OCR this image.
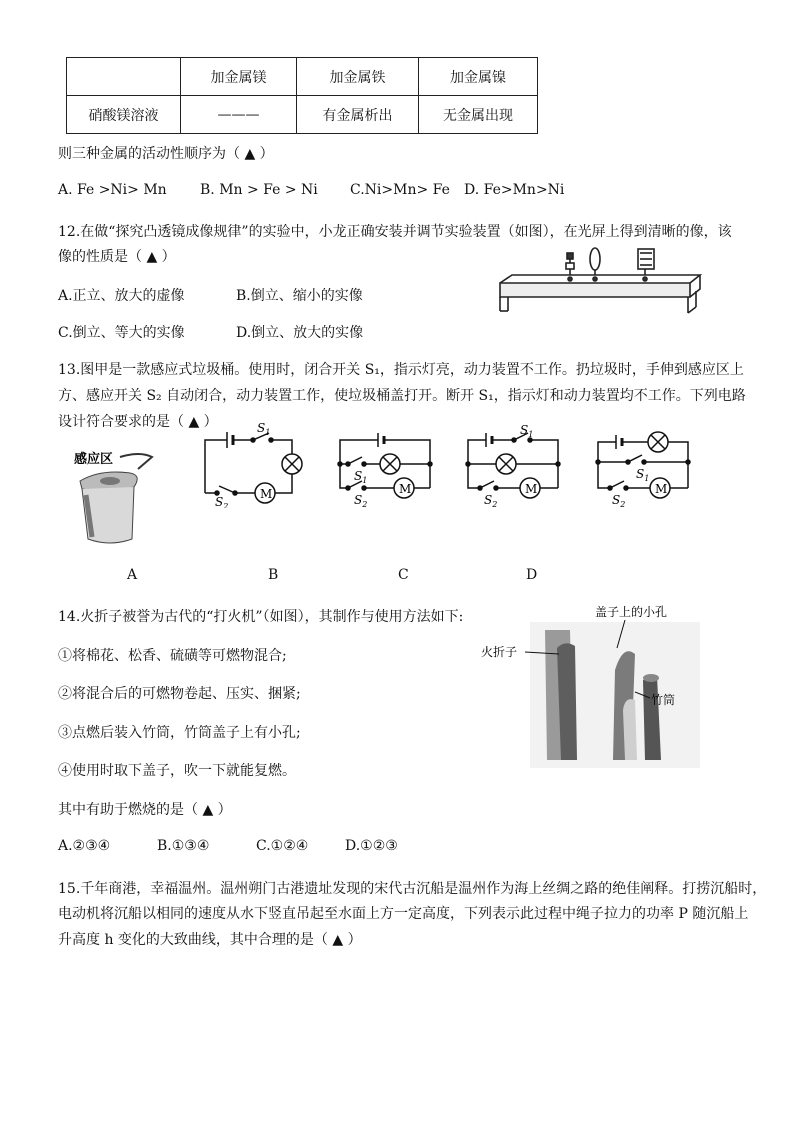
	加金属镁	加金属铁	加金属镍
硝酸镁溶液	———	有金属析出	无金属出现
则三种金属的活动性顺序为（ ▲ ）
A. Fe >Ni> Mn B. Mn > Fe > Ni C.Ni>Mn> Fe D. Fe>Mn>Ni
12.在做“探究凸透镜成像规律”的实验中，小龙正确安装并调节实验装置（如图），在光屏上得到清晰的像，该
像的性质是（ ▲ ）
A.正立、放大的虚像	B.倒立、缩小的实像
C.倒立、等大的实像	D.倒立、放大的实像
13.图甲是一款感应式垃圾桶。使用时，闭合开关 S₁，指示灯亮，动力装置不工作。扔垃圾时，手伸到感应区上
方、感应开关 S₂ 自动闭合，动力装置工作，使垃圾桶盖打开。断开 S₁，指示灯和动力装置均不工作。下列电路
设计符合要求的是（ ▲ ）
感应区
$S_1$
$S_2$
M
$S_1$
$S_2$
M
$S_1$
$S_2$
M
$S_1$
$S_2$
M
A	B	C	D
14.火折子被誉为古代的“打火机”（如图），其制作与使用方法如下:
①将棉花、松香、硫磺等可燃物混合;
②将混合后的可燃物卷起、压实、捆紧;
③点燃后装入竹筒，竹筒盖子上有小孔;
④使用时取下盖子，吹一下就能复燃。
其中有助于燃烧的是（ ▲ ）
A.②③④	B.①③④	C.①②④	D.①②③
盖子上的小孔
火折子
竹筒
15.千年商港，幸福温州。温州朔门古港遗址发现的宋代古沉船是温州作为海上丝绸之路的绝佳阐释。打捞沉船时，
电动机将沉船以相同的速度从水下竖直吊起至水面上方一定高度，下列表示此过程中绳子拉力的功率 P 随沉船上
升高度 h 变化的大致曲线，其中合理的是（ ▲ ）
